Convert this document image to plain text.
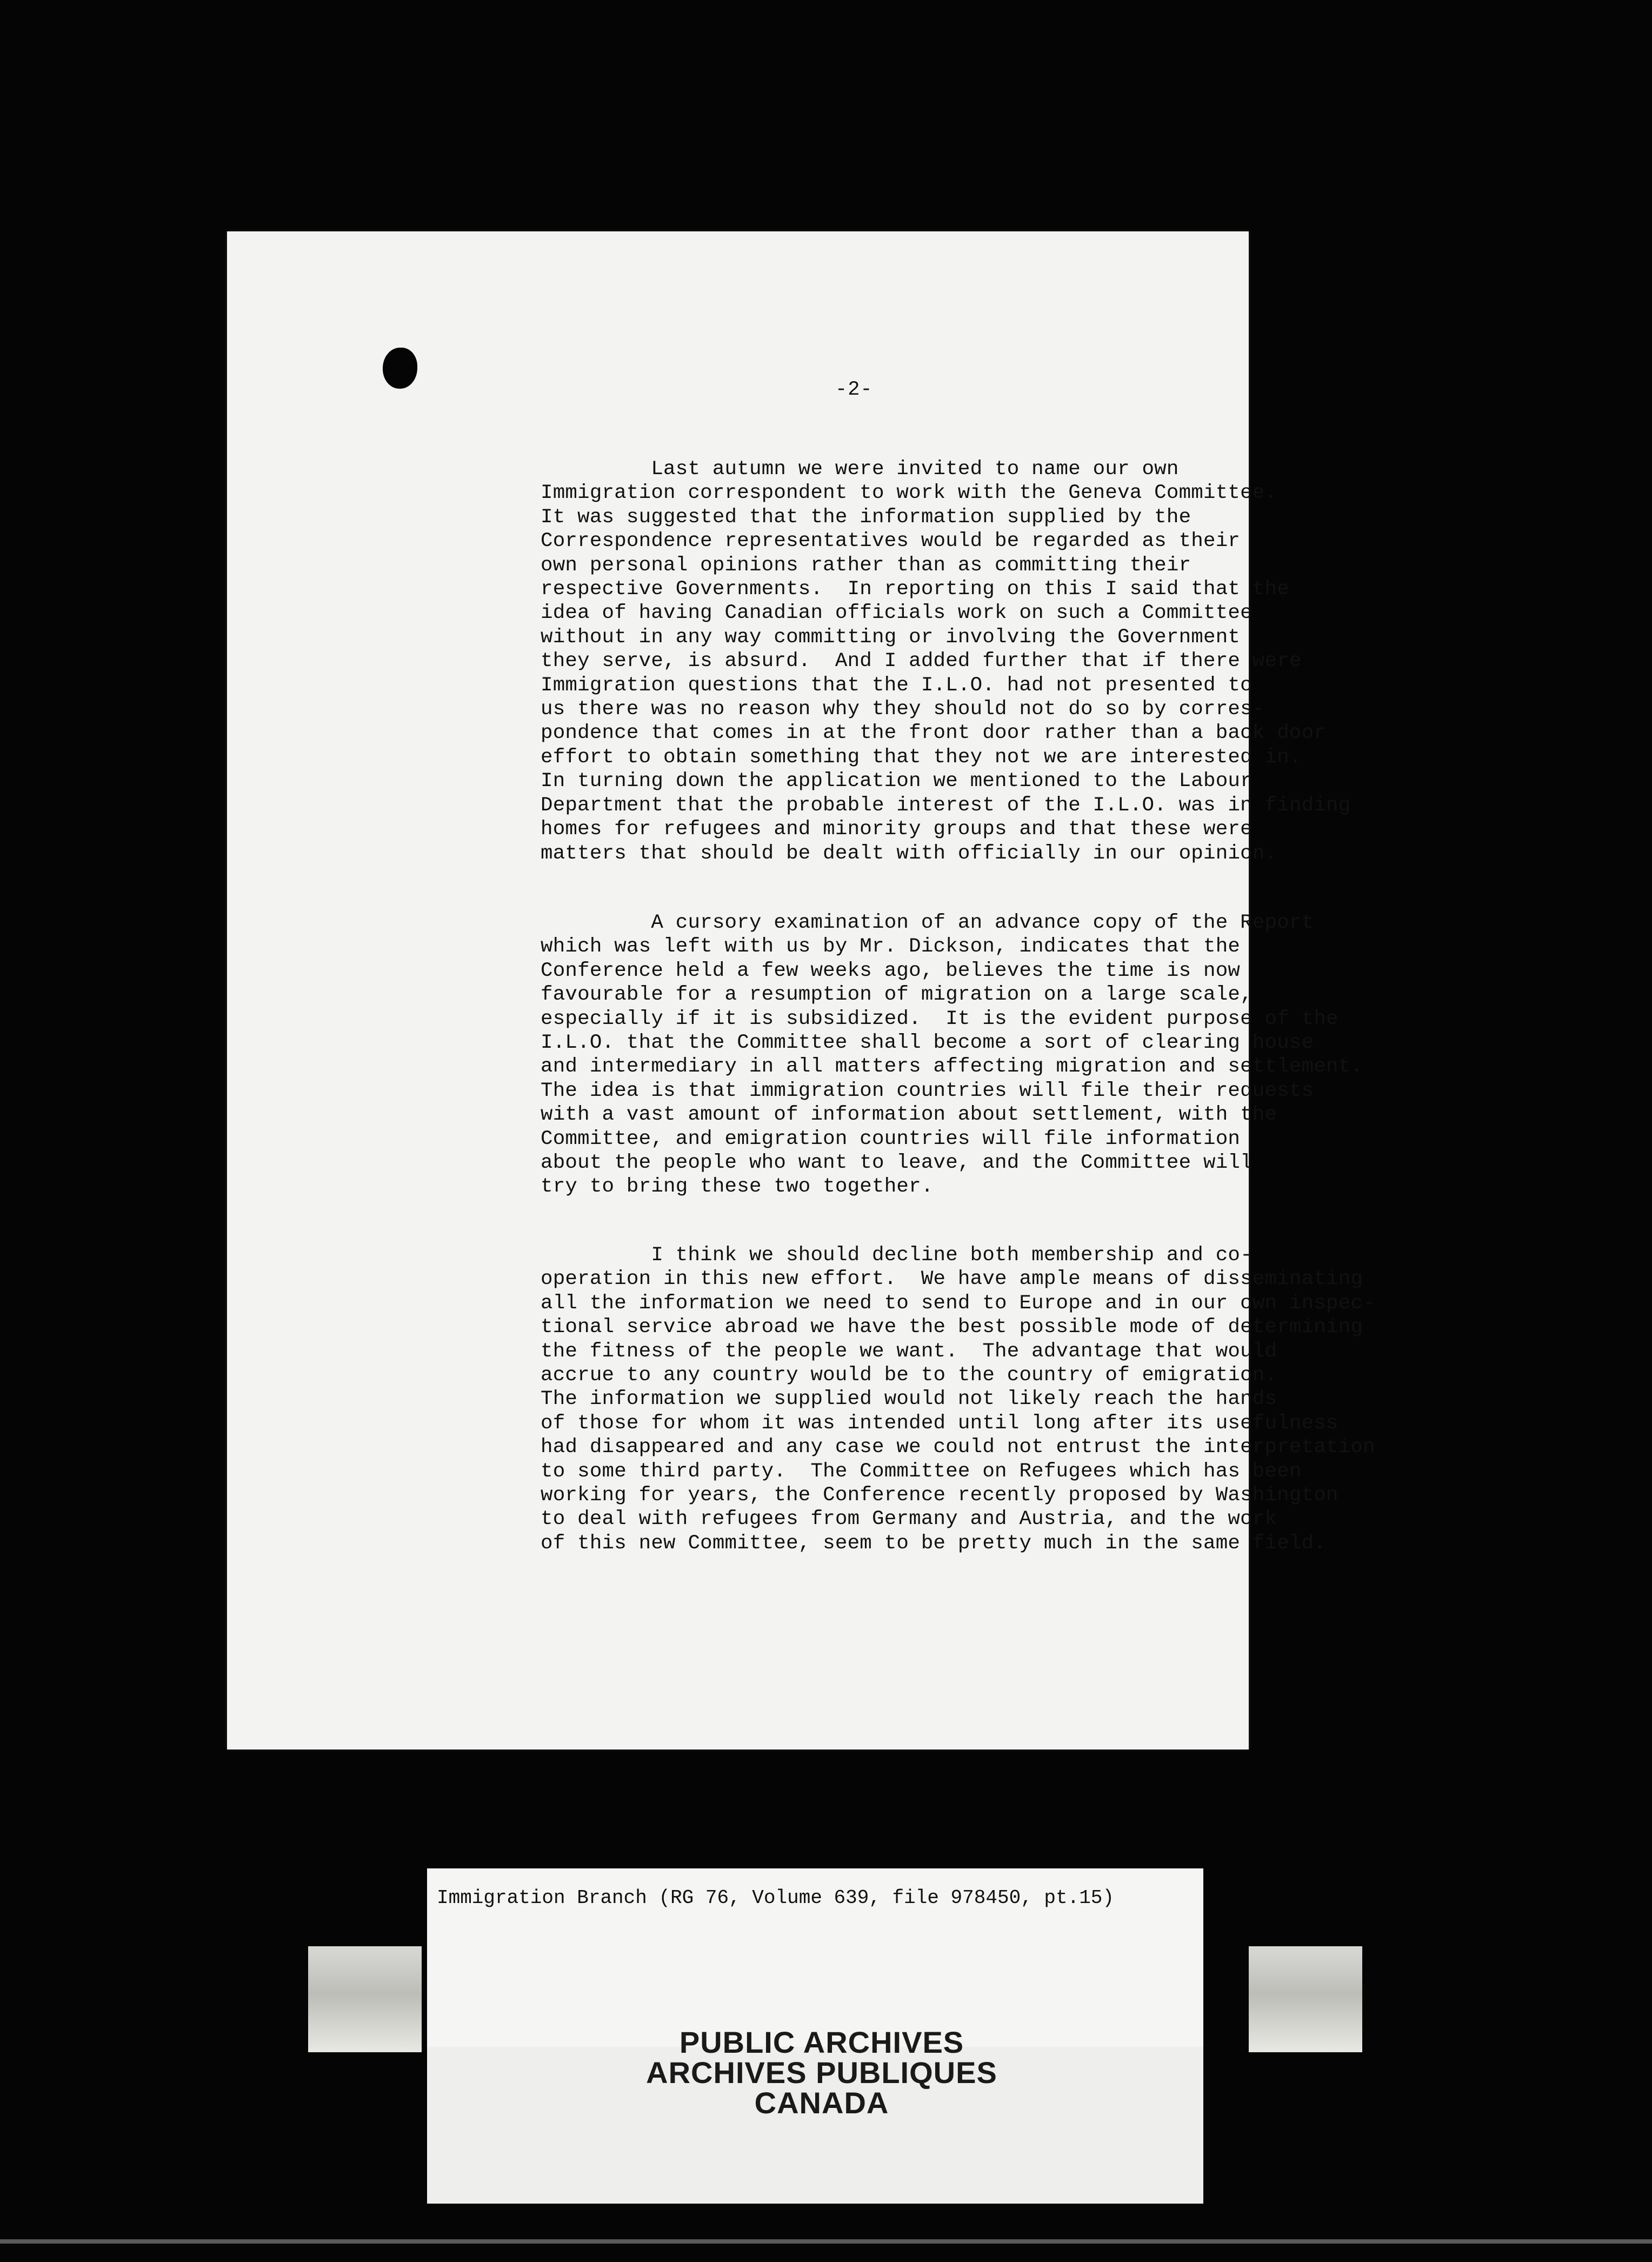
-2-
Last autumn we were invited to name our own
Immigration correspondent to work with the Geneva Committee.
It was suggested that the information supplied by the
Correspondence representatives would be regarded as their
own personal opinions rather than as committing their
respective Governments.  In reporting on this I said that the
idea of having Canadian officials work on such a Committee
without in any way committing or involving the Government
they serve, is absurd.  And I added further that if there were
Immigration questions that the I.L.O. had not presented to
us there was no reason why they should not do so by corres-
pondence that comes in at the front door rather than a back door
effort to obtain something that they not we are interested in.
In turning down the application we mentioned to the Labour
Department that the probable interest of the I.L.O. was in finding
homes for refugees and minority groups and that these were
matters that should be dealt with officially in our opinion.
A cursory examination of an advance copy of the Report
which was left with us by Mr. Dickson, indicates that the
Conference held a few weeks ago, believes the time is now
favourable for a resumption of migration on a large scale,
especially if it is subsidized.  It is the evident purpose of the
I.L.O. that the Committee shall become a sort of clearing house
and intermediary in all matters affecting migration and settlement.
The idea is that immigration countries will file their requests
with a vast amount of information about settlement, with the
Committee, and emigration countries will file information
about the people who want to leave, and the Committee will
try to bring these two together.
I think we should decline both membership and co-
operation in this new effort.  We have ample means of disseminating
all the information we need to send to Europe and in our own inspec-
tional service abroad we have the best possible mode of determining
the fitness of the people we want.  The advantage that would
accrue to any country would be to the country of emigration.
The information we supplied would not likely reach the hands
of those for whom it was intended until long after its usefulness
had disappeared and any case we could not entrust the interpretation
to some third party.  The Committee on Refugees which has been
working for years, the Conference recently proposed by Washington
to deal with refugees from Germany and Austria, and the work
of this new Committee, seem to be pretty much in the same field.
Immigration Branch (RG 76, Volume 639, file 978450, pt.15)
PUBLIC ARCHIVES
ARCHIVES PUBLIQUES
CANADA
